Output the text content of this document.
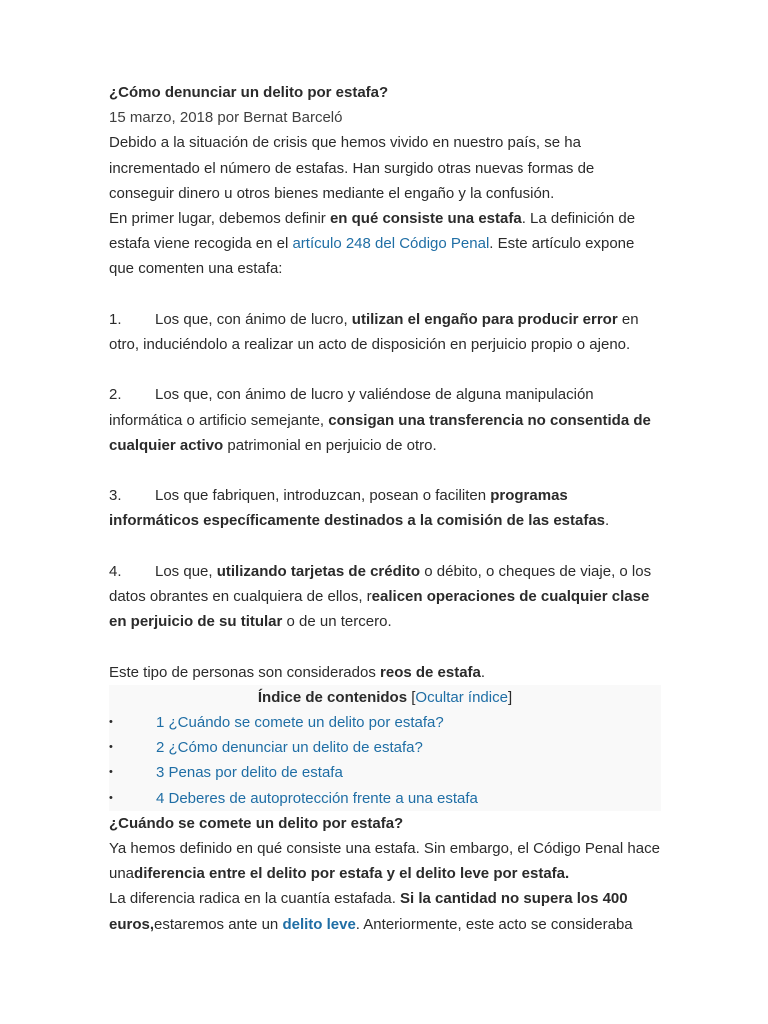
¿Cómo denunciar un delito por estafa?

15 marzo, 2018 por Bernat Barceló

Debido a la situación de crisis que hemos vivido en nuestro país, se ha incrementado el número de estafas. Han surgido otras nuevas formas de conseguir dinero u otros bienes mediante el engaño y la confusión.

En primer lugar, debemos definir en qué consiste una estafa. La definición de estafa viene recogida en el artículo 248 del Código Penal. Este artículo expone que comenten una estafa:

1. Los que, con ánimo de lucro, utilizan el engaño para producir error en otro, induciéndolo a realizar un acto de disposición en perjuicio propio o ajeno.

2. Los que, con ánimo de lucro y valiéndose de alguna manipulación informática o artificio semejante, consigan una transferencia no consentida de cualquier activo patrimonial en perjuicio de otro.

3. Los que fabriquen, introduzcan, posean o faciliten programas informáticos específicamente destinados a la comisión de las estafas.

4. Los que, utilizando tarjetas de crédito o débito, o cheques de viaje, o los datos obrantes en cualquiera de ellos, realicen operaciones de cualquier clase en perjuicio de su titular o de un tercero.

Este tipo de personas son considerados reos de estafa.

Índice de contenidos [Ocultar índice]
•	1 ¿Cuándo se comete un delito por estafa?
•	2 ¿Cómo denunciar un delito de estafa?
•	3 Penas por delito de estafa
•	4 Deberes de autoprotección frente a una estafa
¿Cuándo se comete un delito por estafa?

Ya hemos definido en qué consiste una estafa. Sin embargo, el Código Penal hace unadiferencia entre el delito por estafa y el delito leve por estafa.

La diferencia radica en la cuantía estafada. Si la cantidad no supera los 400 euros,estaremos ante un delito leve. Anteriormente, este acto se consideraba
